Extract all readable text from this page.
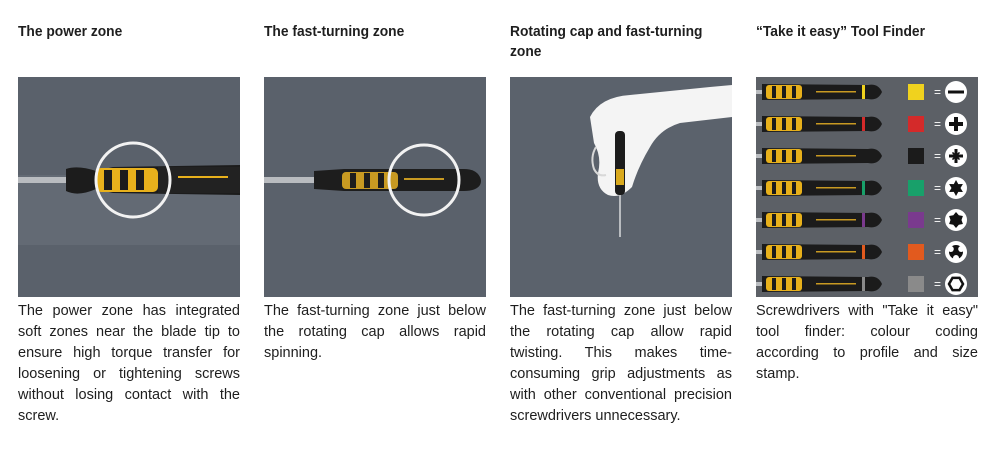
The power zone

The power zone has integrated soft zones near the blade tip to ensure high torque transfer for loosening or tightening screws without losing contact with the screw.

The fast-turning zone

The fast-turning zone just below the rotating cap allows rapid spinning.

Rotating cap and fast-turning zone

The fast-turning zone just below the rotating cap allow rapid twisting. This makes time-consuming grip adjustments as with other conventional precision screwdrivers unnecessary.

“Take it easy” Tool Finder
=
=
=
=
=
=
=

Screwdrivers with "Take it easy" tool finder: colour coding according to profile and size stamp.
